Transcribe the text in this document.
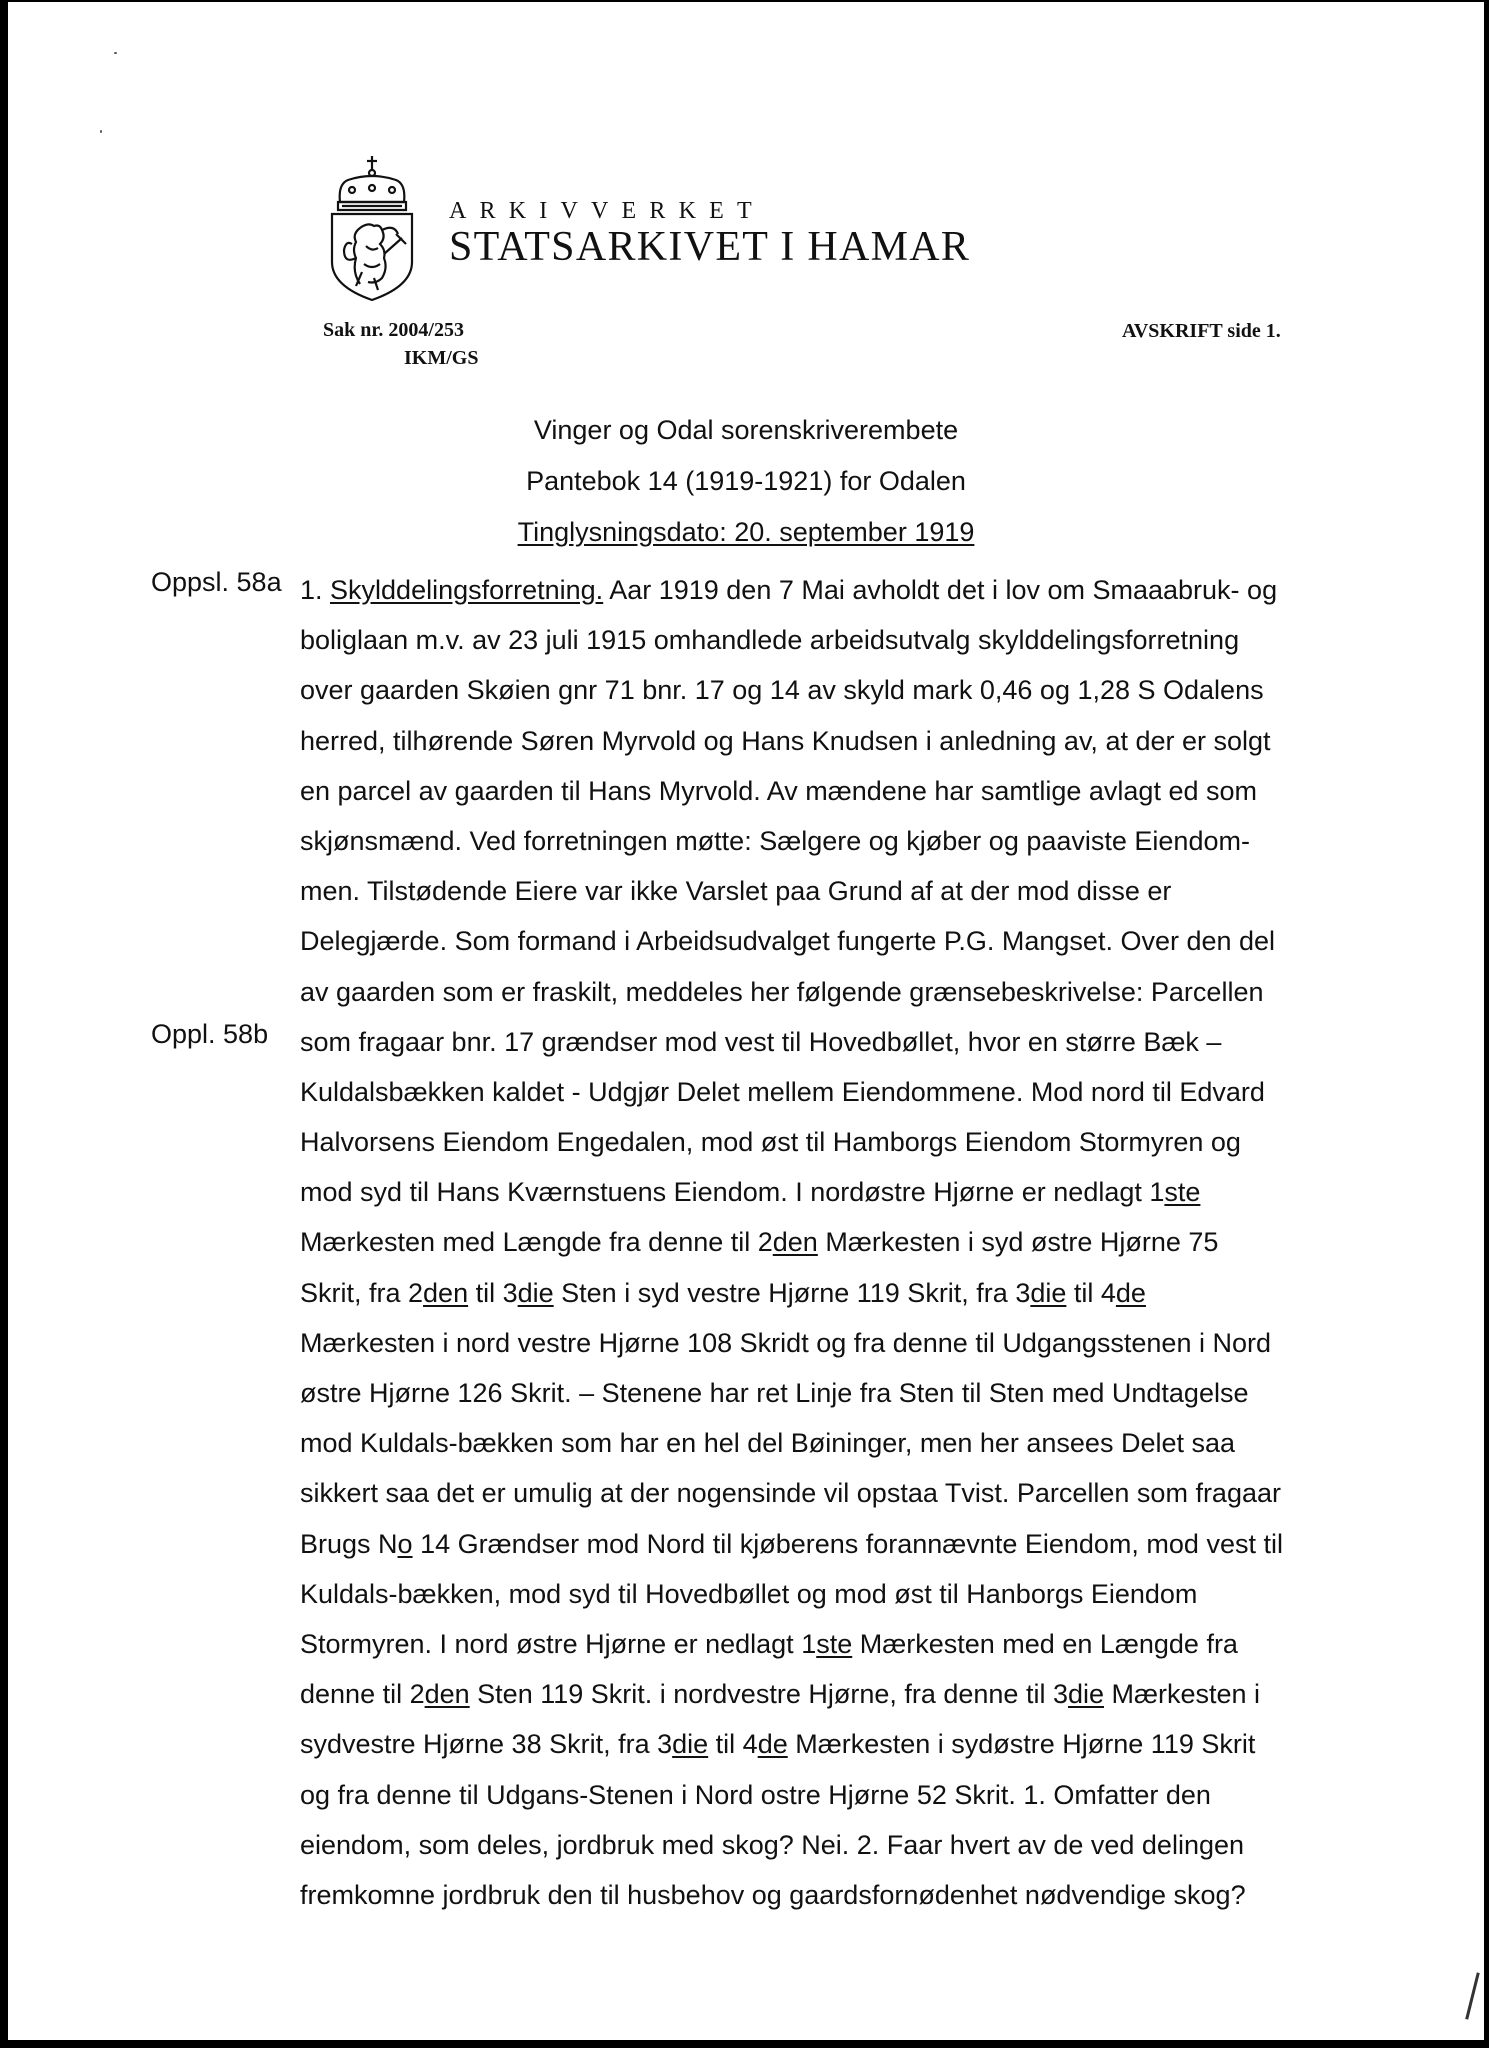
ARKIVVERKET
STATSARKIVET I HAMAR
Sak nr. 2004/253
IKM/GS
AVSKRIFT side 1.
Vinger og Odal sorenskriverembete
Pantebok 14 (1919-1921) for Odalen
Tinglysningsdato: 20. september 1919
Oppsl. 58a
Oppl. 58b
1. Skylddelingsforretning. Aar 1919 den 7 Mai avholdt det i lov om Smaaabruk- og
boliglaan m.v. av 23 juli 1915 omhandlede arbeidsutvalg skylddelingsforretning
over gaarden Skøien gnr 71 bnr. 17 og 14 av skyld mark 0,46 og 1,28 S Odalens
herred, tilhørende Søren Myrvold og Hans Knudsen i anledning av, at der er solgt
en parcel av gaarden til Hans Myrvold. Av mændene har samtlige avlagt ed som
skjønsmænd. Ved forretningen møtte: Sælgere og kjøber og paaviste Eiendom-
men. Tilstødende Eiere var ikke Varslet paa Grund af at der mod disse er
Delegjærde. Som formand i Arbeidsudvalget fungerte P.G. Mangset. Over den del
av gaarden som er fraskilt, meddeles her følgende grænsebeskrivelse: Parcellen
som fragaar bnr. 17 grændser mod vest til Hovedbøllet, hvor en større Bæk –
Kuldalsbækken kaldet - Udgjør Delet mellem Eiendommene. Mod nord til Edvard
Halvorsens Eiendom Engedalen, mod øst til Hamborgs Eiendom Stormyren og
mod syd til Hans Kværnstuens Eiendom. I nordøstre Hjørne er nedlagt 1ste
Mærkesten med Længde fra denne til 2den Mærkesten i syd østre Hjørne 75
Skrit, fra 2den til 3die Sten i syd vestre Hjørne 119 Skrit, fra 3die til 4de
Mærkesten i nord vestre Hjørne 108 Skridt og fra denne til Udgangsstenen i Nord
østre Hjørne 126 Skrit. – Stenene har ret Linje fra Sten til Sten med Undtagelse
mod Kuldals-bækken som har en hel del Bøininger, men her ansees Delet saa
sikkert saa det er umulig at der nogensinde vil opstaa Tvist. Parcellen som fragaar
Brugs No 14 Grændser mod Nord til kjøberens forannævnte Eiendom, mod vest til
Kuldals-bækken, mod syd til Hovedbøllet og mod øst til Hanborgs Eiendom
Stormyren. I nord østre Hjørne er nedlagt 1ste Mærkesten med en Længde fra
denne til 2den Sten 119 Skrit. i nordvestre Hjørne, fra denne til 3die Mærkesten i
sydvestre Hjørne 38 Skrit, fra 3die til 4de Mærkesten i sydøstre Hjørne 119 Skrit
og fra denne til Udgans-Stenen i Nord ostre Hjørne 52 Skrit. 1. Omfatter den
eiendom, som deles, jordbruk med skog? Nei. 2. Faar hvert av de ved delingen
fremkomne jordbruk den til husbehov og gaardsfornødenhet nødvendige skog?
